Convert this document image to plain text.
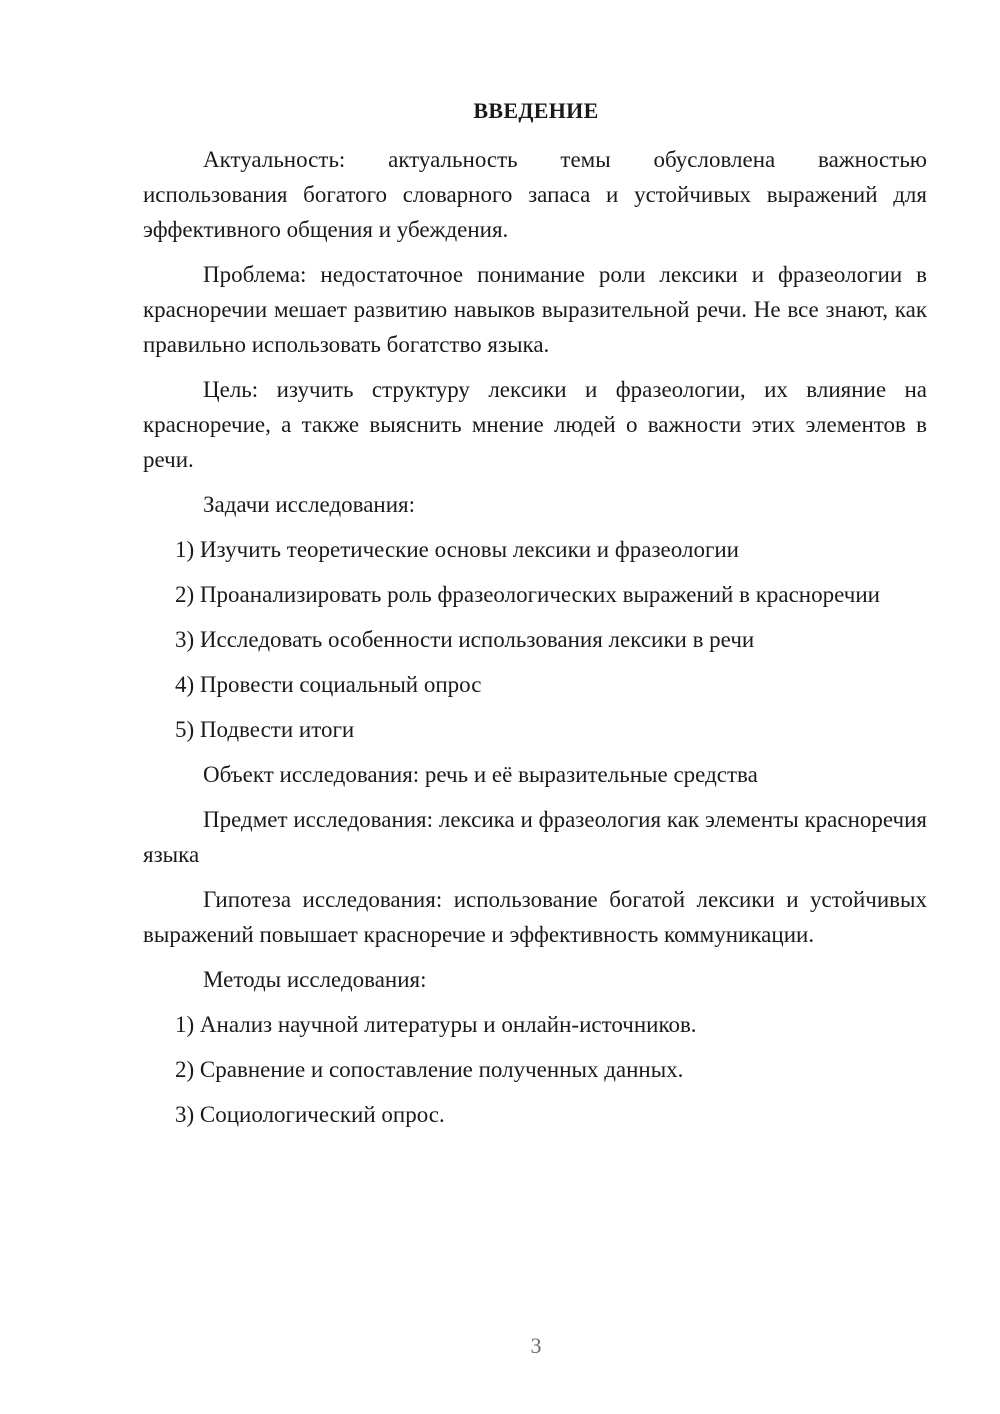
ВВЕДЕНИЕ

Актуальность: актуальность темы обусловлена важностью использования богатого словарного запаса и устойчивых выражений для эффективного общения и убеждения.

Проблема: недостаточное понимание роли лексики и фразеологии в красноречии мешает развитию навыков выразительной речи. Не все знают, как правильно использовать богатство языка.

Цель: изучить структуру лексики и фразеологии, их влияние на красноречие, а также выяснить мнение людей о важности этих элементов в речи.

Задачи исследования:

1) Изучить теоретические основы лексики и фразеологии

2) Проанализировать роль фразеологических выражений в красноречии

3) Исследовать особенности использования лексики в речи

4) Провести социальный опрос

5) Подвести итоги

Объект исследования: речь и её выразительные средства

Предмет исследования: лексика и фразеология как элементы красноречия языка

Гипотеза исследования: использование богатой лексики и устойчивых выражений повышает красноречие и эффективность коммуникации.

Методы исследования:

1) Анализ научной литературы и онлайн-источников.

2) Сравнение и сопоставление полученных данных.

3) Социологический опрос.

3
